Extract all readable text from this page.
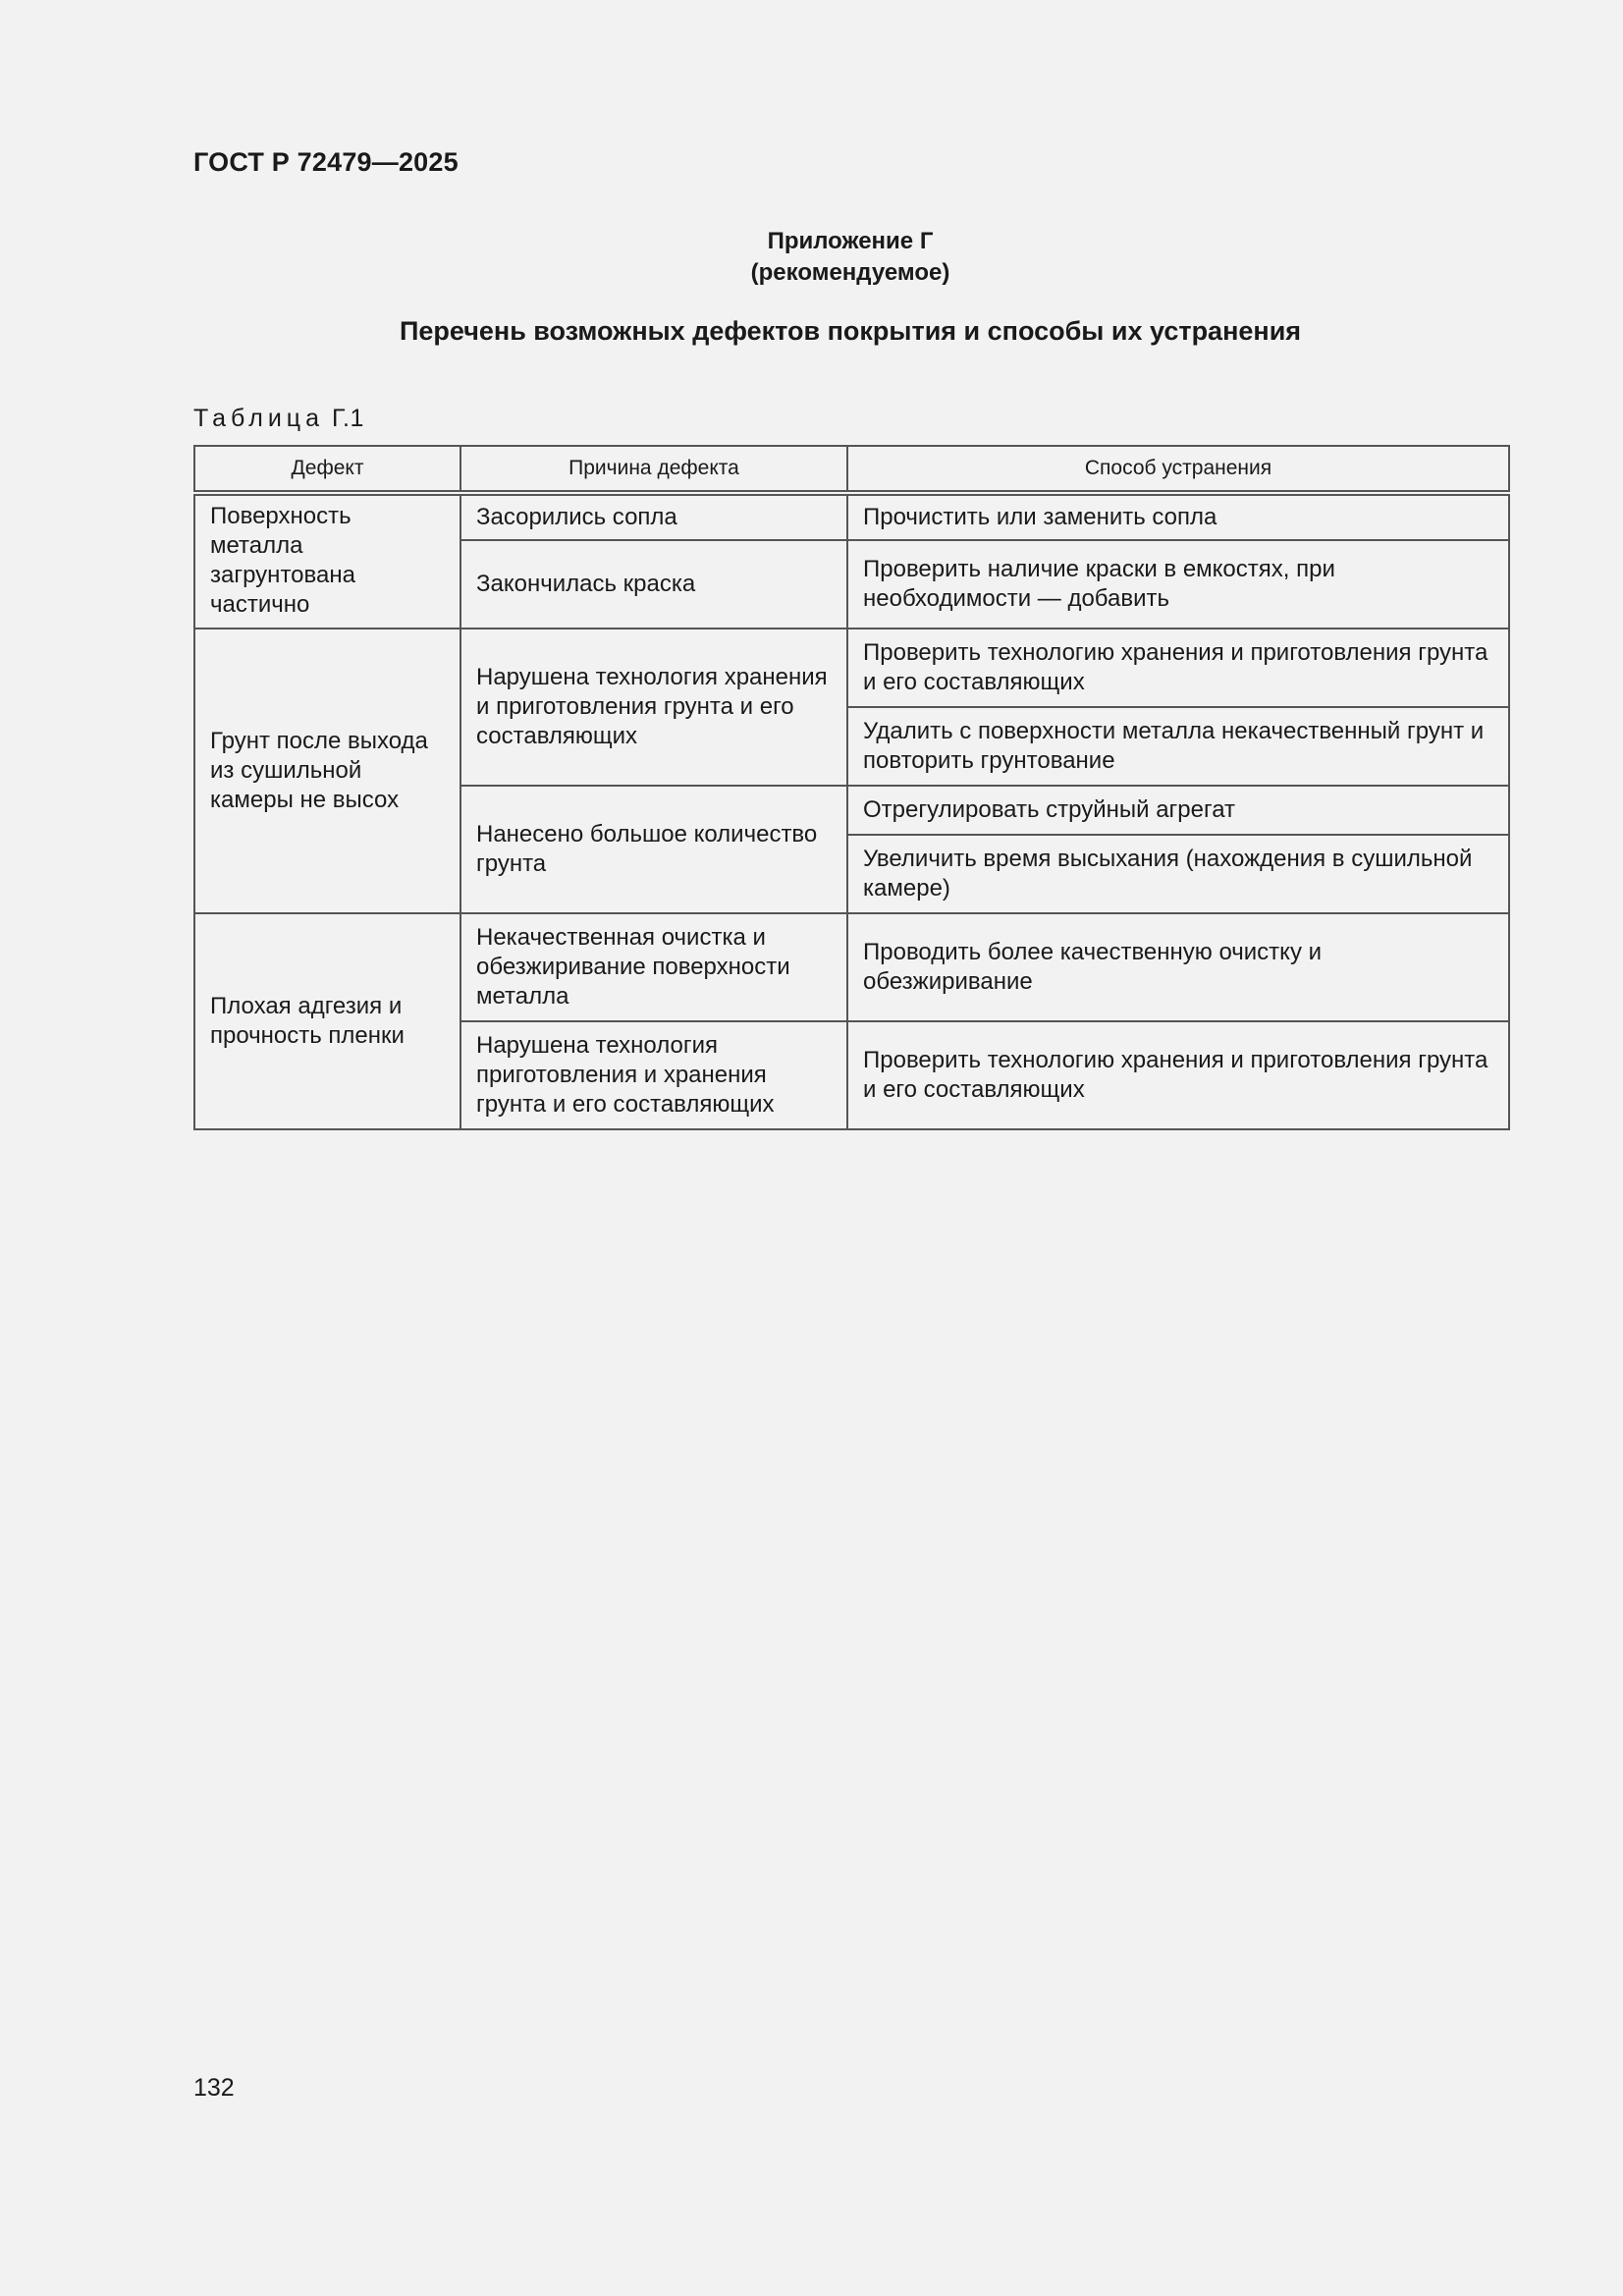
ГОСТ Р 72479—2025
Приложение Г
(рекомендуемое)
Перечень возможных дефектов покрытия и способы их устранения
Таблица Г.1
Дефект	Причина дефекта	Способ устранения
Поверхность металла загрунтована частично	Засорились сопла	Прочистить или заменить сопла
	Закончилась краска	Проверить наличие краски в емкостях, при необходимости — добавить
Грунт после выхода из сушильной камеры не высох	Нарушена технология хранения и приготовления грунта и его составляющих	Проверить технологию хранения и приготовления грунта и его составляющих
		Удалить с поверхности металла некачественный грунт и повторить грунтование
	Нанесено большое количество грунта	Отрегулировать струйный агрегат
		Увеличить время высыхания (нахождения в сушильной камере)
Плохая адгезия и прочность пленки	Некачественная очистка и обезжиривание поверхности металла	Проводить более качественную очистку и обезжиривание
	Нарушена технология приготовления и хранения грунта и его составляющих	Проверить технологию хранения и приготовления грунта и его составляющих
132
